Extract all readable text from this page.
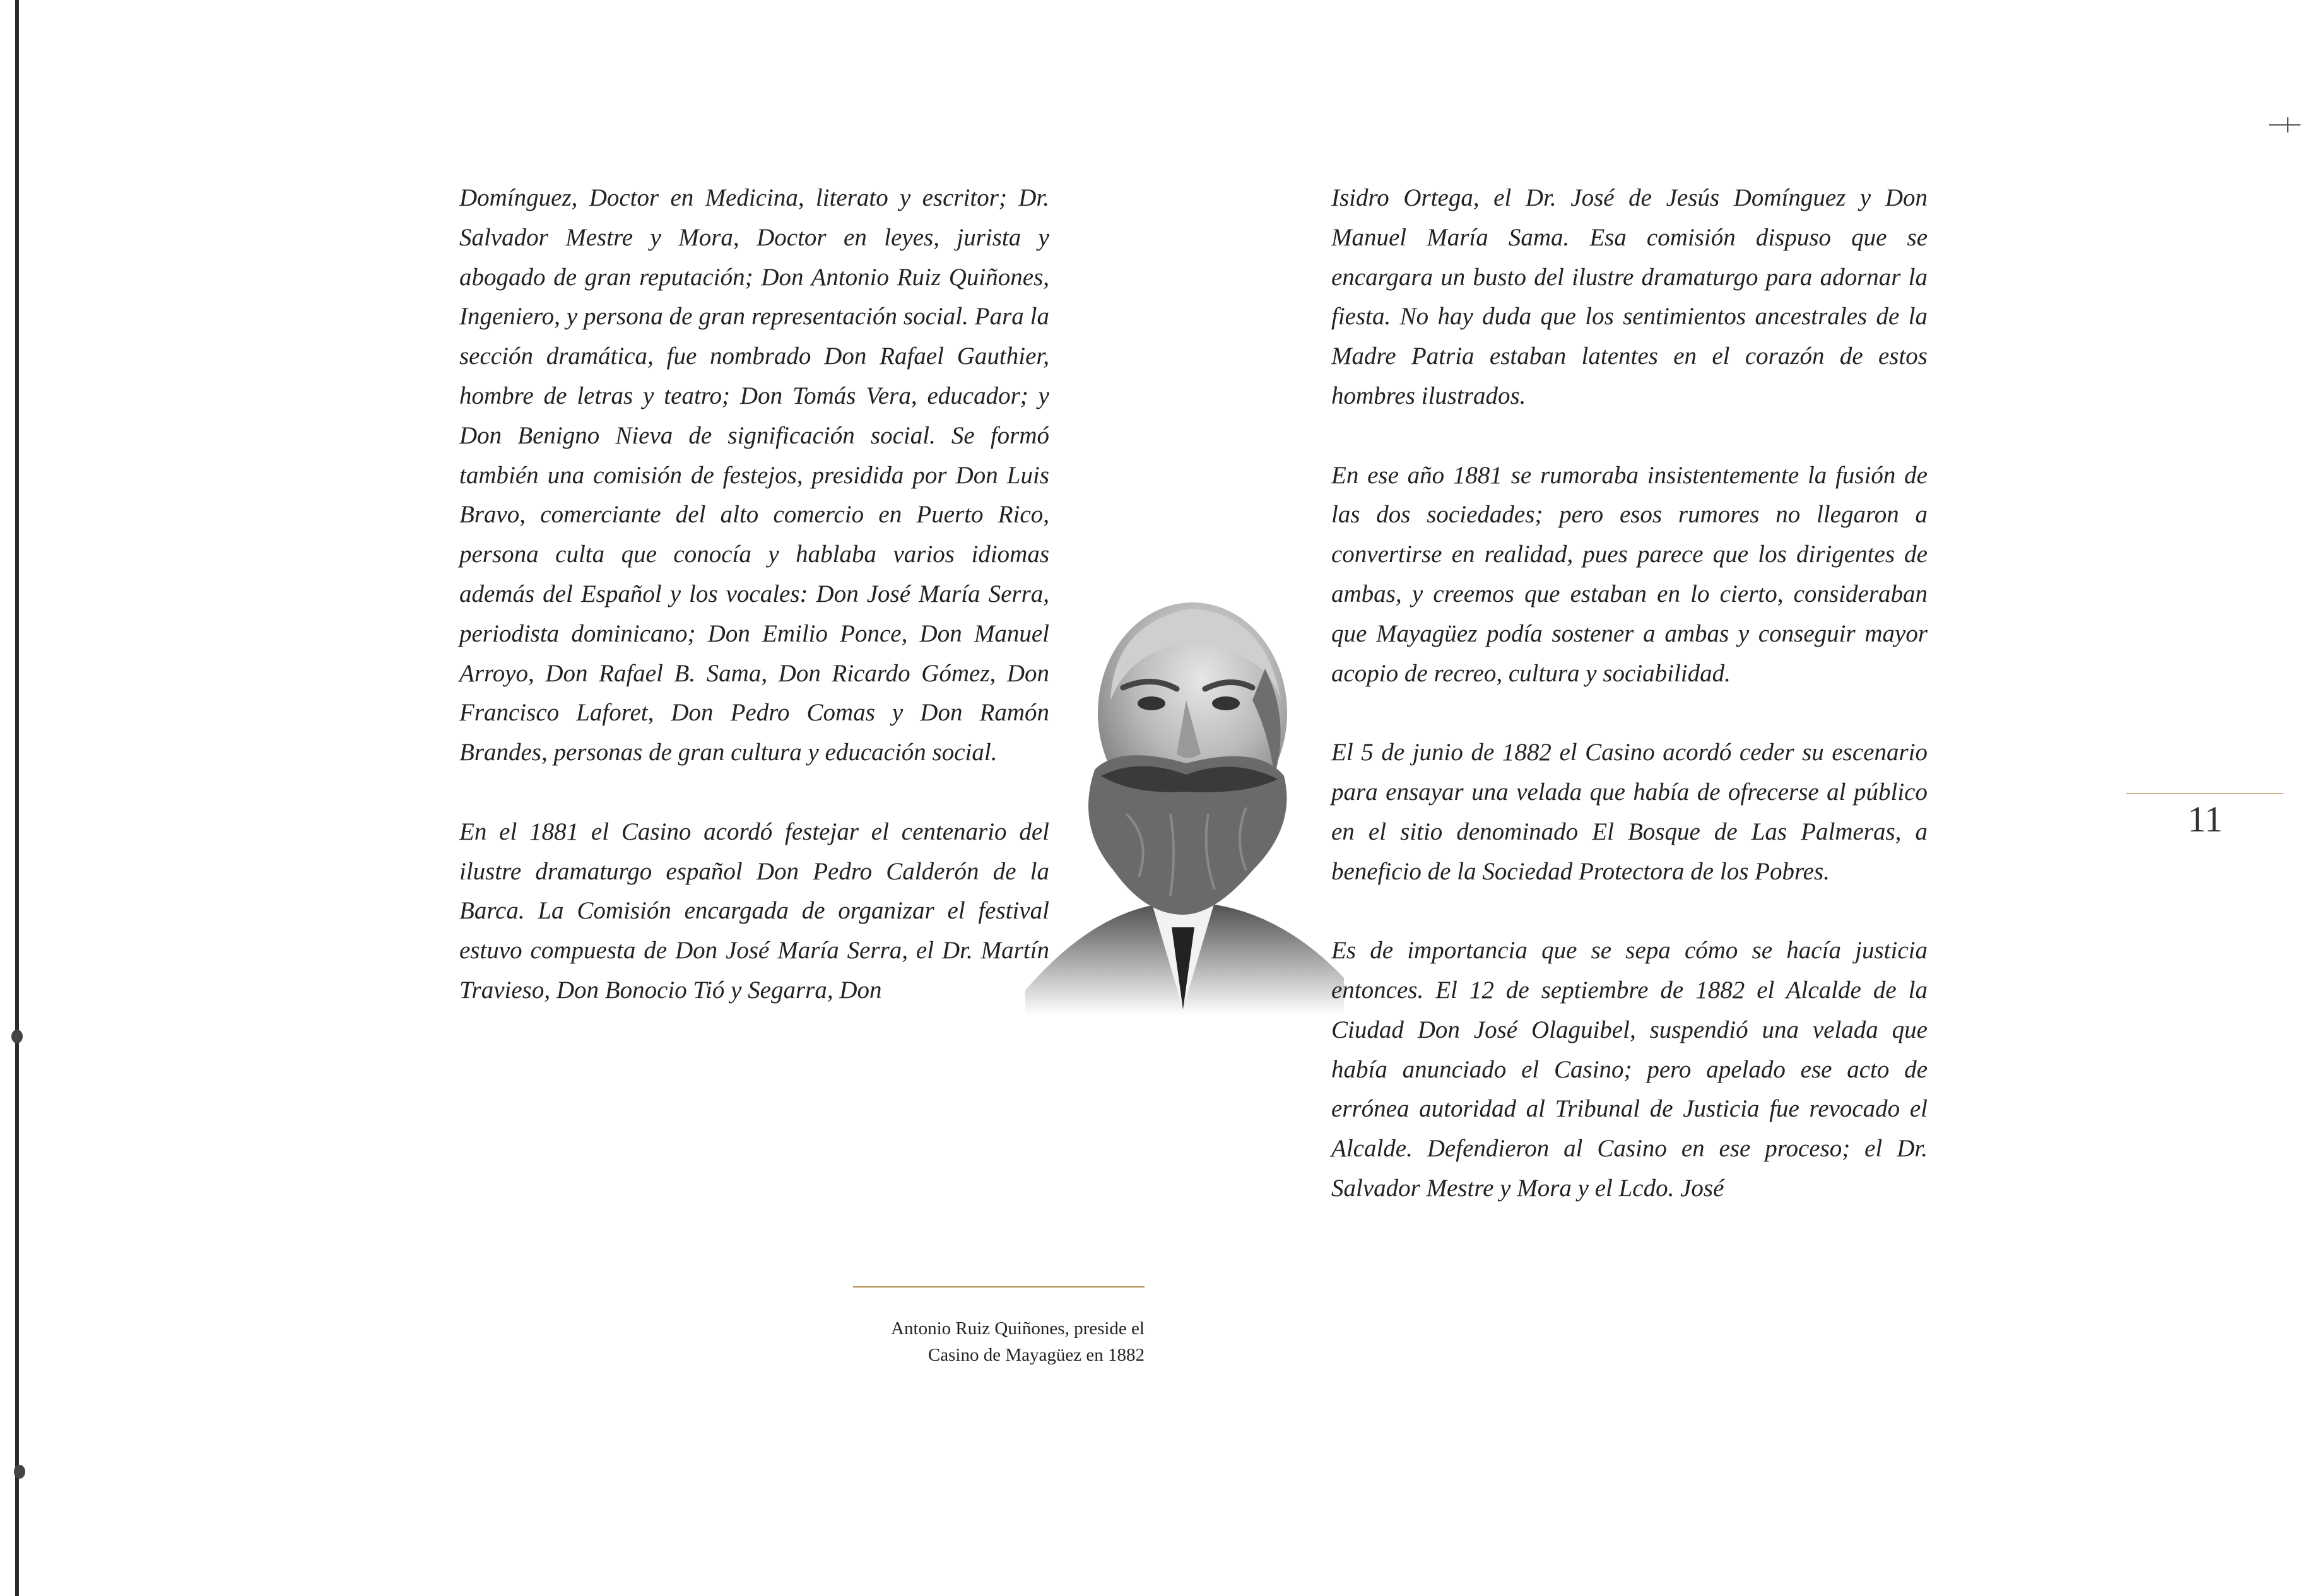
Domínguez, Doctor en Medicina, literato y escritor; Dr. Salvador Mestre y Mora, Doctor en leyes, jurista y abogado de gran reputación; Don Antonio Ruiz Quiñones, Ingeniero, y persona de gran representación social. Para la sección dramática, fue nombrado Don Rafael Gauthier, hombre de letras y teatro; Don Tomás Vera, educador; y Don Benigno Nieva de significación social. Se formó también una comisión de festejos, presidida por Don Luis Bravo, comerciante del alto comercio en Puerto Rico, persona culta que conocía y hablaba varios idiomas además del Español y los vocales: Don José María Serra, periodista dominicano; Don Emilio Ponce, Don Manuel Arroyo, Don Rafael B. Sama, Don Ricardo Gómez, Don Francisco Laforet, Don Pedro Comas y Don Ramón Brandes, personas de gran cultura y educación social.

En el 1881 el Casino acordó festejar el centenario del ilustre dramaturgo español Don Pedro Calderón de la Barca. La Comisión encargada de organizar el festival estuvo compuesta de Don José María Serra, el Dr. Martín Travieso, Don Bonocio Tió y Segarra, Don

Antonio Ruiz Quiñones, preside el
Casino de Mayagüez en 1882

Isidro Ortega, el Dr. José de Jesús Domínguez y Don Manuel María Sama. Esa comisión dispuso que se encargara un busto del ilustre dramaturgo para adornar la fiesta. No hay duda que los sentimientos ancestrales de la Madre Patria estaban latentes en el corazón de estos hombres ilustrados.

En ese año 1881 se rumoraba insistentemente la fusión de las dos sociedades; pero esos rumores no llegaron a convertirse en realidad, pues parece que los dirigentes de ambas, y creemos que estaban en lo cierto, consideraban que Mayagüez podía sostener a ambas y conseguir mayor acopio de recreo, cultura y sociabilidad.

El 5 de junio de 1882 el Casino acordó ceder su escenario para ensayar una velada que había de ofrecerse al público en el sitio denominado El Bosque de Las Palmeras, a beneficio de la Sociedad Protectora de los Pobres.

Es de importancia que se sepa cómo se hacía justicia entonces. El 12 de septiembre de 1882 el Alcalde de la Ciudad Don José Olaguibel, suspendió una velada que había anunciado el Casino; pero apelado ese acto de errónea autoridad al Tribunal de Justicia fue revocado el Alcalde. Defendieron al Casino en ese proceso; el Dr. Salvador Mestre y Mora y el Lcdo. José

11
